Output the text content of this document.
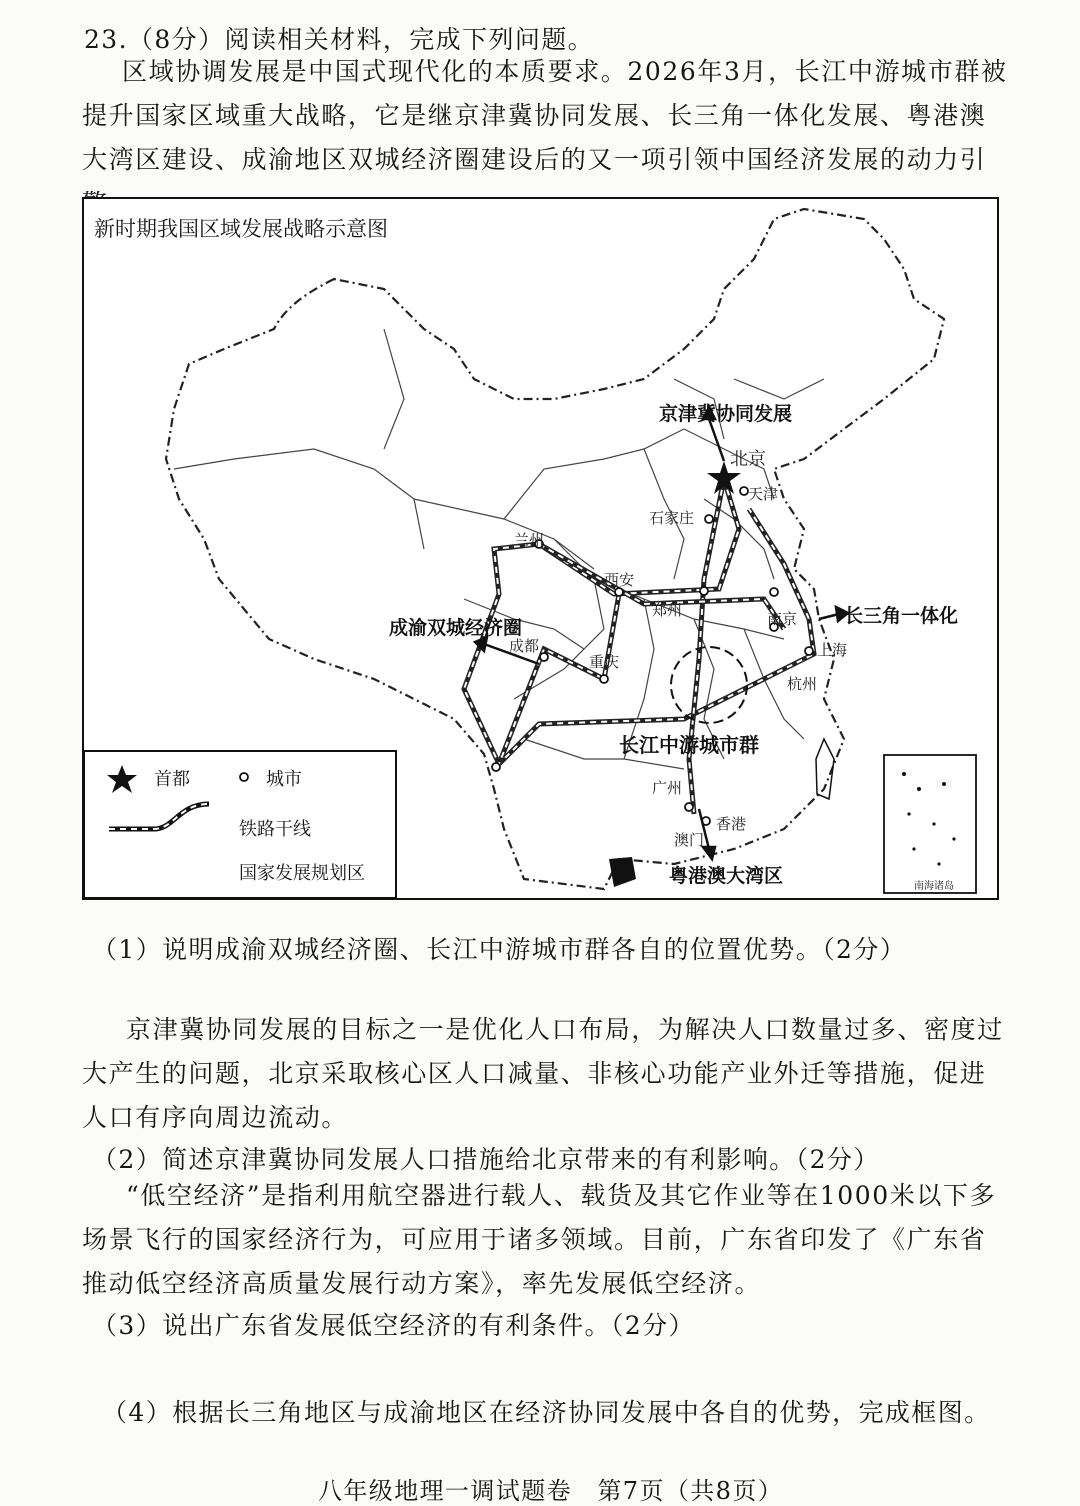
23.（8分）阅读相关材料，完成下列问题。
区域协调发展是中国式现代化的本质要求。2026年3月，长江中游城市群被提升国家区域重大战略，它是继京津冀协同发展、长三角一体化发展、粤港澳大湾区建设、成渝地区双城经济圈建设后的又一项引领中国经济发展的动力引
新时期我国区域发展战略示意图
京津冀协同发展
长三角一体化
成渝双城经济圈
长江中游城市群
粤港澳大湾区
北京
天津
石家庄
兰州
西安
郑州	南京
上海
杭州
成都
重庆
广州
香港
澳门
首都	城市
铁路干线
国家发展规划区
南海诸岛
（1）说明成渝双城经济圈、长江中游城市群各自的位置优势。（2分）
京津冀协同发展的目标之一是优化人口布局，为解决人口数量过多、密度过大产生的问题，北京采取核心区人口减量、非核心功能产业外迁等措施，促进人口有序向周边流动。
（2）简述京津冀协同发展人口措施给北京带来的有利影响。（2分）
“低空经济”是指利用航空器进行载人、载货及其它作业等在1000米以下多场景飞行的国家经济行为，可应用于诸多领域。目前，广东省印发了《广东省推动低空经济高质量发展行动方案》，率先发展低空经济。
（3）说出广东省发展低空经济的有利条件。（2分）
（4）根据长三角地区与成渝地区在经济协同发展中各自的优势，完成框图。
八年级地理一调试题卷　第7页（共8页）
